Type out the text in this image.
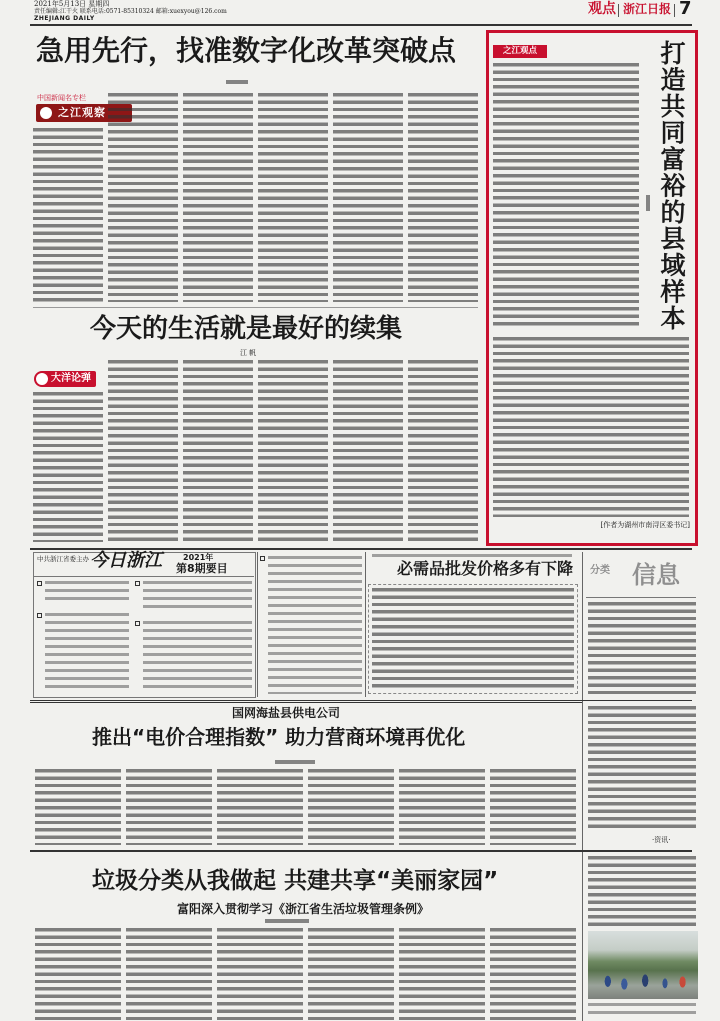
2021年5月13日 星期四
责任编辑:江干火 联系电话:0571-85310324 邮箱:xuexyou@126.com
ZHEJIANG DAILY
观点 浙江日报 7
急用先行，找准数字化改革突破点
中国新闻名专栏
之江观察
之江观点	打造共同富裕的县域样本
[作者为湖州市南浔区委书记]
今天的生活就是最好的续集
江 帆
大洋论弹
中共浙江省委主办 今日浙江	2021年
第8期要目	必需品批发价格多有下降 分类 信息
国网海盐县供电公司
推出“电价合理指数” 助力营商环境再优化
·资讯·
垃圾分类从我做起 共建共享“美丽家园”
富阳深入贯彻学习《浙江省生活垃圾管理条例》
